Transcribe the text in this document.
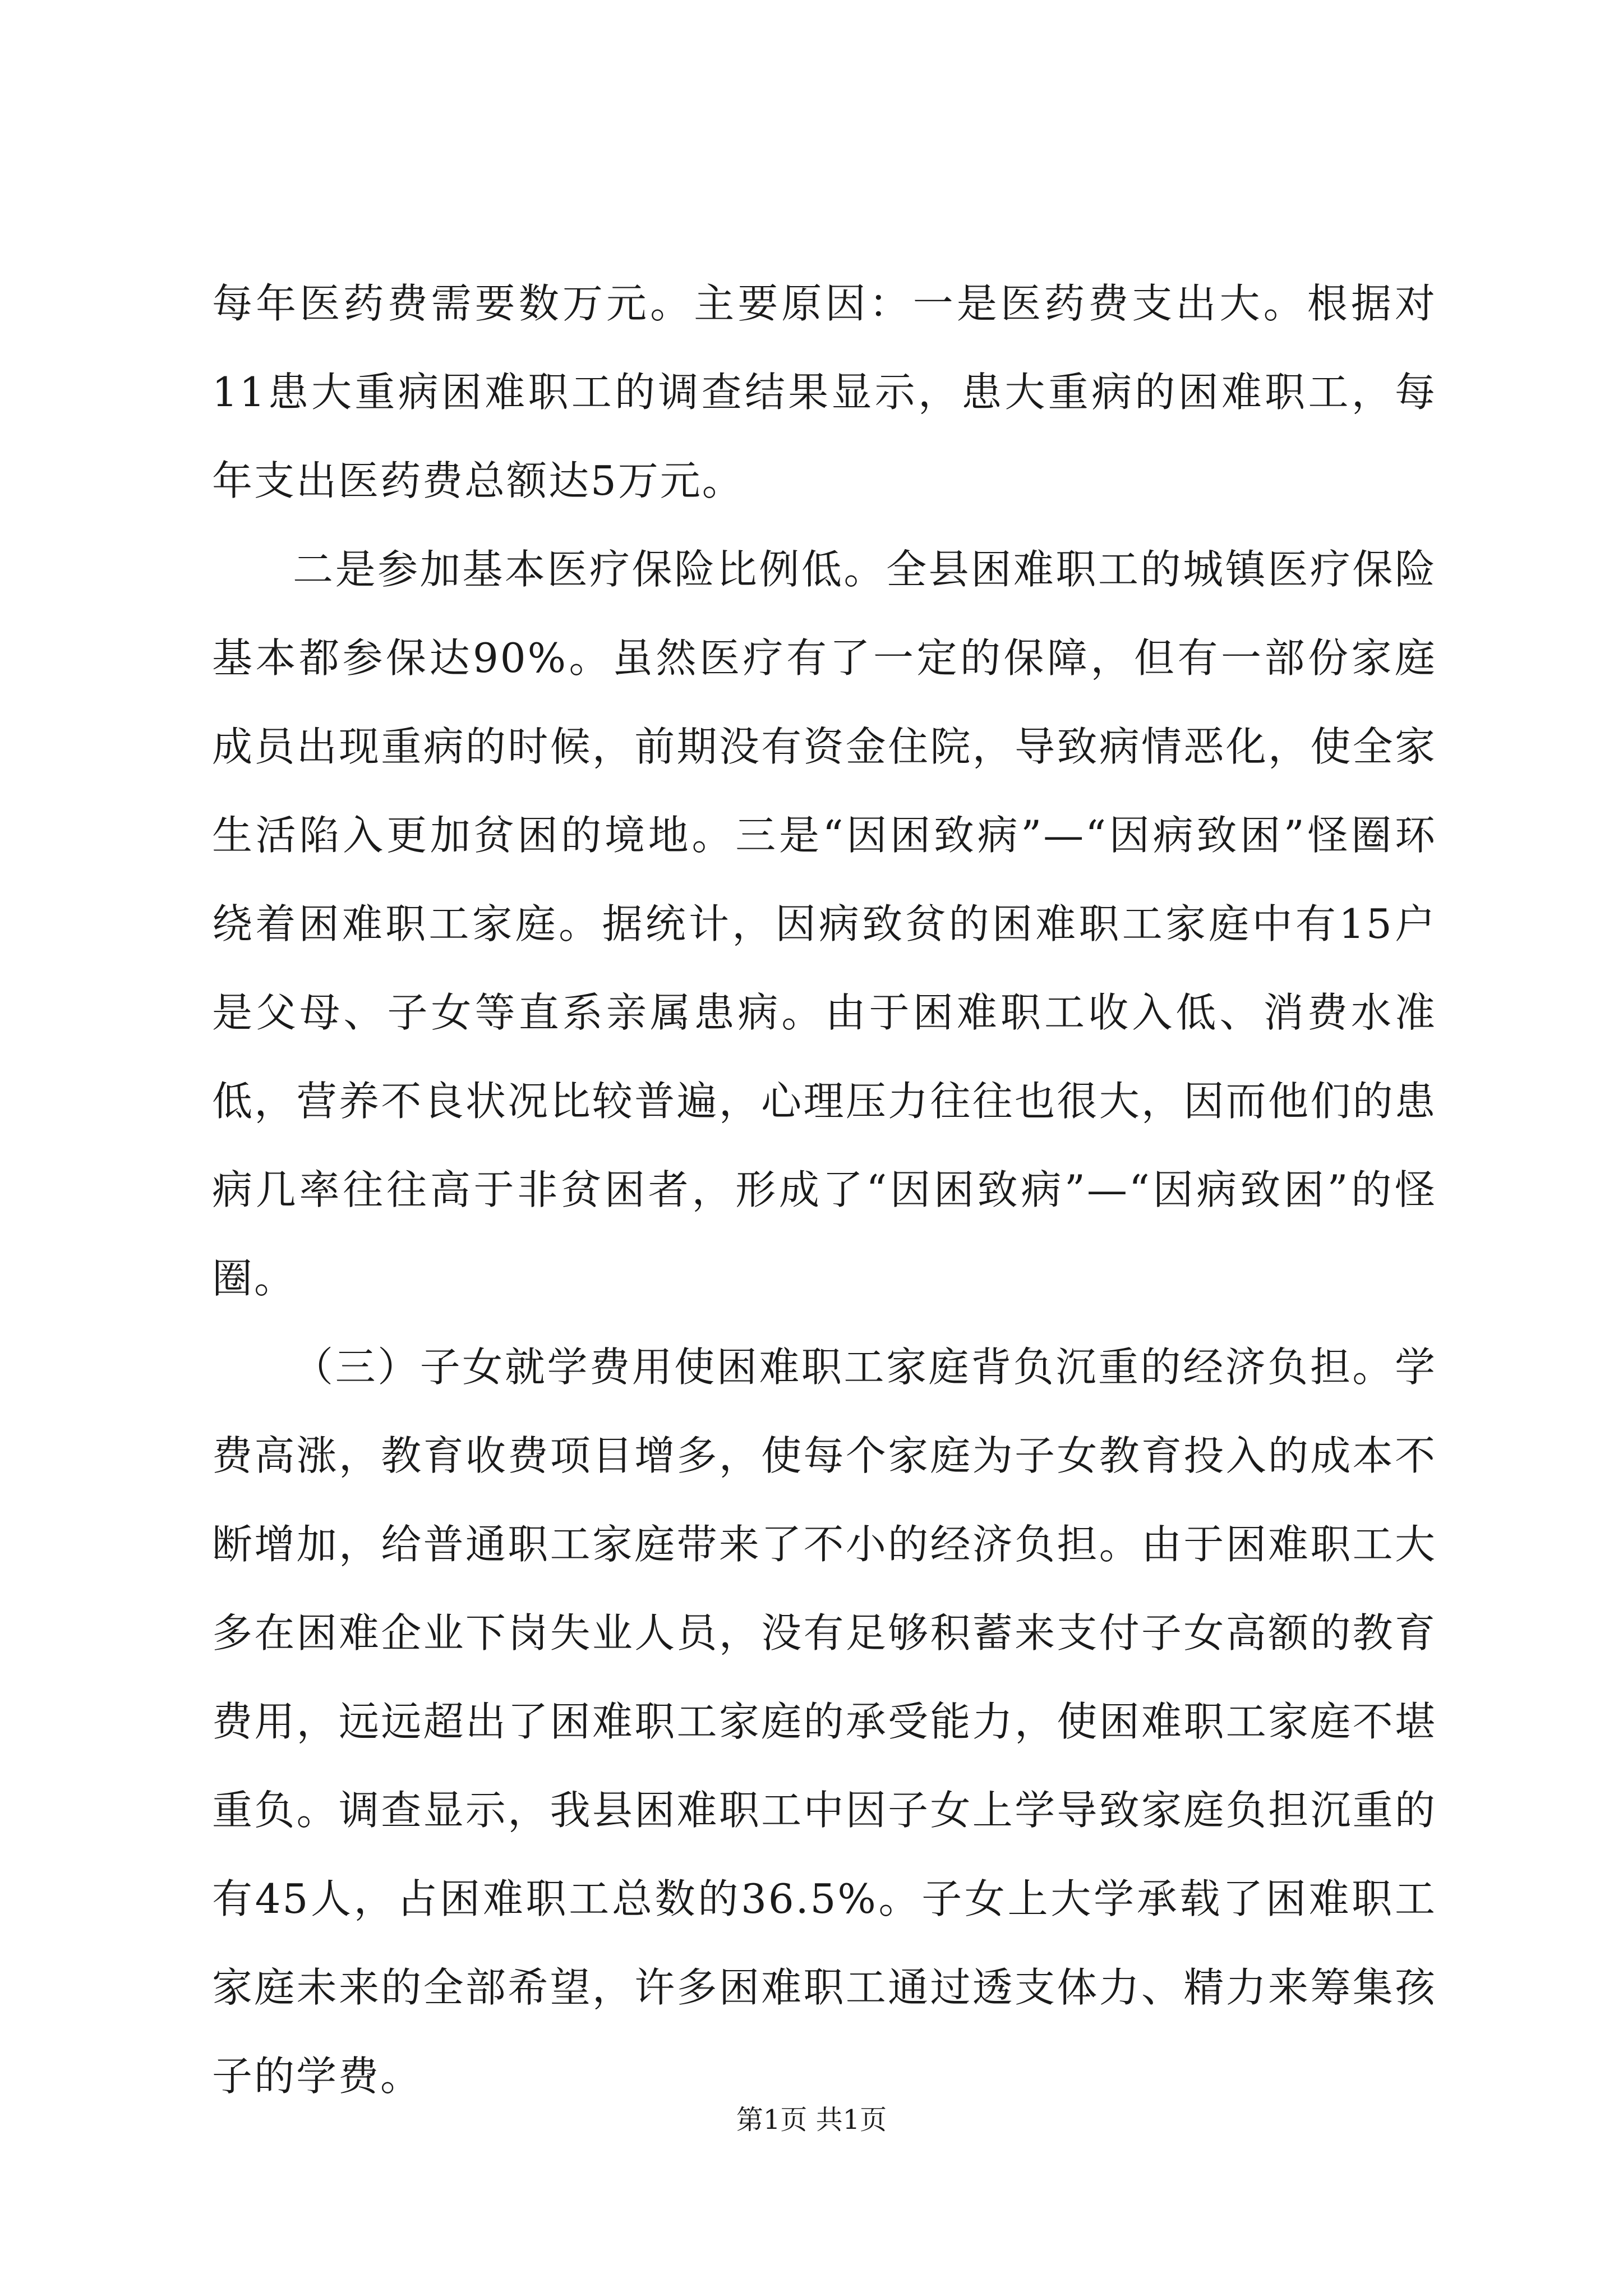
每年医药费需要数万元。主要原因：一是医药费支出大。根据对11患大重病困难职工的调查结果显示，患大重病的困难职工，每年支出医药费总额达5万元。

二是参加基本医疗保险比例低。全县困难职工的城镇医疗保险基本都参保达90%。虽然医疗有了一定的保障，但有一部份家庭成员出现重病的时候，前期没有资金住院，导致病情恶化，使全家生活陷入更加贫困的境地。三是“因困致病”—“因病致困”怪圈环绕着困难职工家庭。据统计，因病致贫的困难职工家庭中有15户是父母、子女等直系亲属患病。由于困难职工收入低、消费水准低，营养不良状况比较普遍，心理压力往往也很大，因而他们的患病几率往往高于非贫困者，形成了“因困致病”—“因病致困”的怪圈。

（三）子女就学费用使困难职工家庭背负沉重的经济负担。学费高涨，教育收费项目增多，使每个家庭为子女教育投入的成本不断增加，给普通职工家庭带来了不小的经济负担。由于困难职工大多在困难企业下岗失业人员，没有足够积蓄来支付子女高额的教育费用，远远超出了困难职工家庭的承受能力，使困难职工家庭不堪重负。调查显示，我县困难职工中因子女上学导致家庭负担沉重的有45人，占困难职工总数的36.5%。子女上大学承载了困难职工家庭未来的全部希望，许多困难职工通过透支体力、精力来筹集孩子的学费。

第1页 共1页
